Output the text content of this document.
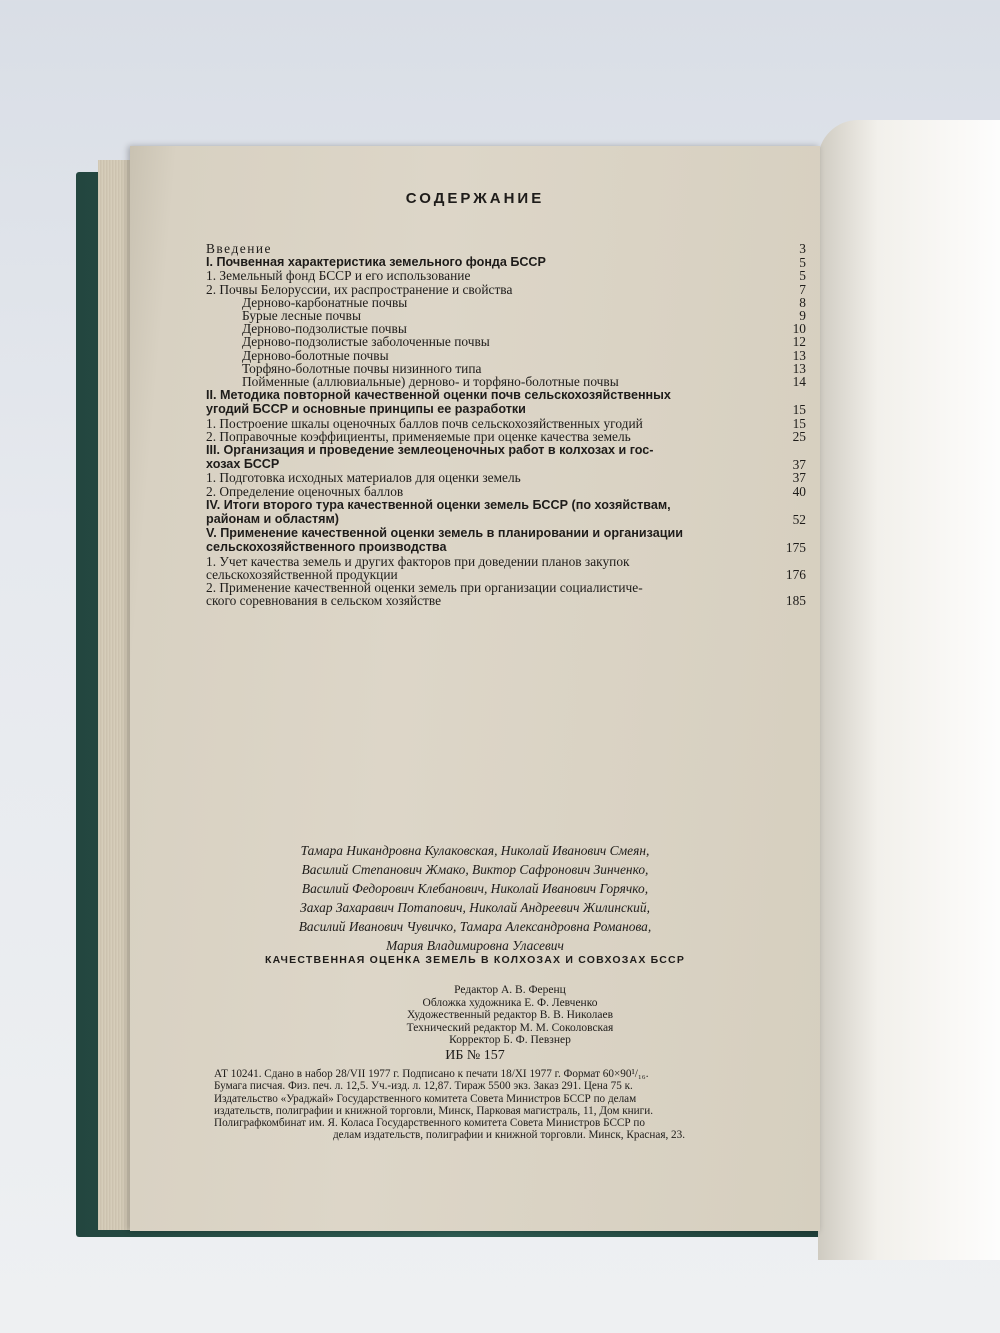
СОДЕРЖАНИЕ
Введение	3
I. Почвенная характеристика земельного фонда БССР	5
1. Земельный фонд БССР и его использование	5
2. Почвы Белоруссии, их распространение и свойства	7
Дерново-карбонатные почвы	8
Бурые лесные почвы	9
Дерново-подзолистые почвы	10
Дерново-подзолистые заболоченные почвы	12
Дерново-болотные почвы	13
Торфяно-болотные почвы низинного типа	13
Пойменные (аллювиальные) дерново- и торфяно-болотные почвы	14
II. Методика повторной качественной оценки почв сельскохозяйственных
угодий БССР и основные принципы ее разработки	15
1. Построение шкалы оценочных баллов почв сельскохозяйственных угодий	15
2. Поправочные коэффициенты, применяемые при оценке качества земель	25
III. Организация и проведение землеоценочных работ в колхозах и гос-
хозах БССР	37
1. Подготовка исходных материалов для оценки земель	37
2. Определение оценочных баллов	40
IV. Итоги второго тура качественной оценки земель БССР (по хозяйствам,
районам и областям)	52
V. Применение качественной оценки земель в планировании и организации
сельскохозяйственного производства	175
1. Учет качества земель и других факторов при доведении планов закупок
сельскохозяйственной продукции	176
2. Применение качественной оценки земель при организации социалистиче-
ского соревнования в сельском хозяйстве	185
Тамара Никандровна Кулаковская, Николай Иванович Смеян,
Василий Степанович Жмако, Виктор Сафронович Зинченко,
Василий Федорович Клебанович, Николай Иванович Горячко,
Захар Захаравич Потапович, Николай Андреевич Жилинский,
Василий Иванович Чувичко, Тамара Александровна Романова,
Мария Владимировна Уласевич
КАЧЕСТВЕННАЯ ОЦЕНКА ЗЕМЕЛЬ В КОЛХОЗАХ И СОВХОЗАХ БССР
Редактор А. В. Ференц
Обложка художника Е. Ф. Левченко
Художественный редактор В. В. Николаев
Технический редактор М. М. Соколовская
Корректор Б. Ф. Певзнер
ИБ № 157
АТ 10241. Сдано в набор 28/VII 1977 г. Подписано к печати 18/XI 1977 г. Формат 60×90¹/₁₆.
Бумага писчая. Физ. печ. л. 12,5. Уч.-изд. л. 12,87. Тираж 5500 экз. Заказ 291. Цена 75 к.
Издательство «Ураджай» Государственного комитета Совета Министров БССР по делам
издательств, полиграфии и книжной торговли, Минск, Парковая магистраль, 11, Дом книги.
Полиграфкомбинат им. Я. Коласа Государственного комитета Совета Министров БССР по
делам издательств, полиграфии и книжной торговли. Минск, Красная, 23.
